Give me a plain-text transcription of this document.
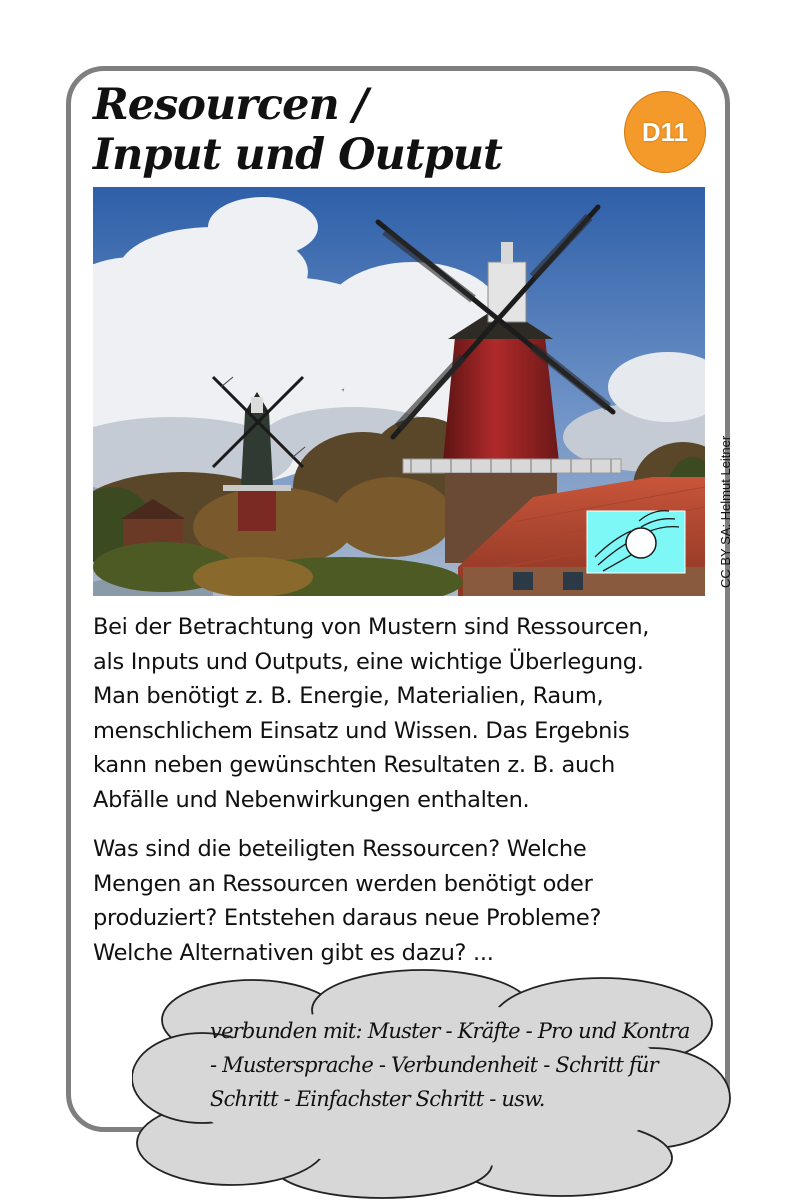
Resourcen /
Input und Output	D11
CC BY SA: Helmut Leitner

Bei der Betrachtung von Mustern sind Ressourcen,
als Inputs und Outputs, eine wichtige Überlegung.
Man benötigt z. B. Energie, Materialien, Raum,
menschlichem Einsatz und Wissen. Das Ergebnis
kann neben gewünschten Resultaten z. B. auch
Abfälle und Nebenwirkungen enthalten.

Was sind die beteiligten Ressourcen? Welche
Mengen an Ressourcen werden benötigt oder
produziert? Entstehen daraus neue Probleme?
Welche Alternativen gibt es dazu? ...

verbunden mit: Muster - Kräfte - Pro und Kontra
- Mustersprache - Verbundenheit - Schritt für
Schritt - Einfachster Schritt - usw.
